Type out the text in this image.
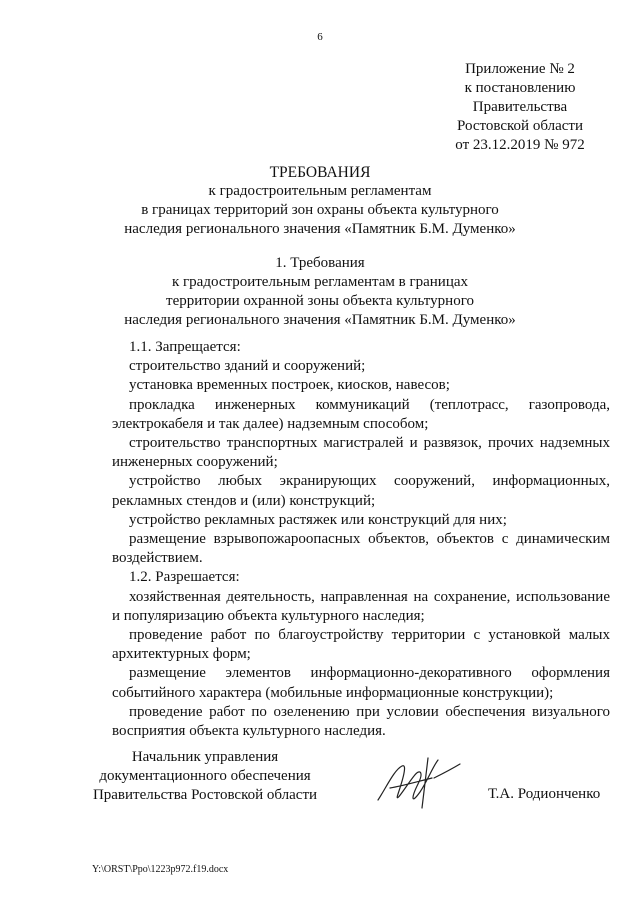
6
Приложение № 2
к постановлению
Правительства
Ростовской области
от 23.12.2019 № 972
ТРЕБОВАНИЯ
к градостроительным регламентам
в границах территорий зон охраны объекта культурного
наследия регионального значения «Памятник Б.М. Думенко»
1. Требования
к градостроительным регламентам в границах
территории охранной зоны объекта культурного
наследия регионального значения «Памятник Б.М. Думенко»

1.1. Запрещается:

строительство зданий и сооружений;

установка временных построек, киосков, навесов;

прокладка инженерных коммуникаций (теплотрасс, газопровода, электрокабеля и так далее) надземным способом;

строительство транспортных магистралей и развязок, прочих надземных инженерных сооружений;

устройство любых экранирующих сооружений, информационных, рекламных стендов и (или) конструкций;

устройство рекламных растяжек или конструкций для них;

размещение взрывопожароопасных объектов, объектов с динамическим воздействием.

1.2. Разрешается:

хозяйственная деятельность, направленная на сохранение, использование и популяризацию объекта культурного наследия;

проведение работ по благоустройству территории с установкой малых архитектурных форм;

размещение элементов информационно-декоративного оформления событийного характера (мобильные информационные конструкции);

проведение работ по озеленению при условии обеспечения визуального восприятия объекта культурного наследия.

Начальник управления
документационного обеспечения
Правительства Ростовской области	Т.А. Родионченко
Y:\ORST\Ppo\1223p972.f19.docx
